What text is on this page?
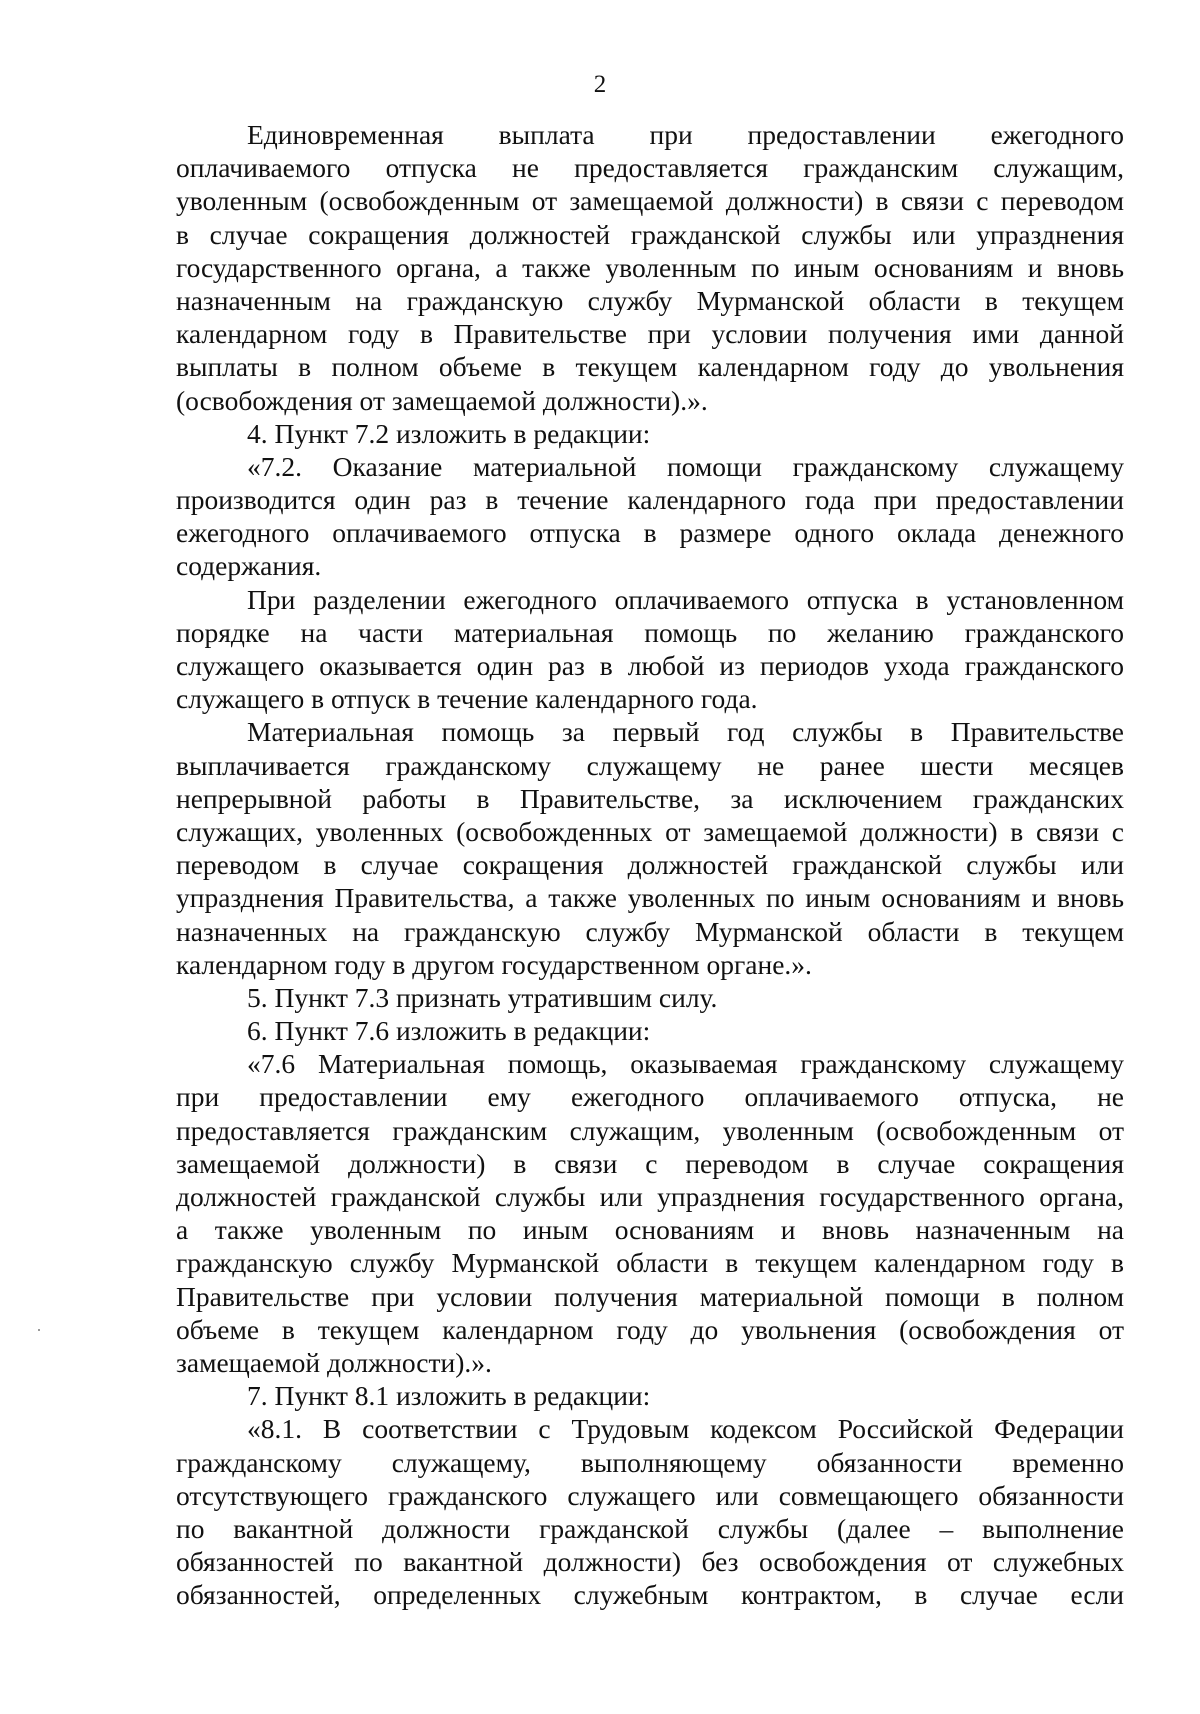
2
Единовременная выплата при предоставлении ежегодного
оплачиваемого отпуска не предоставляется гражданским служащим,
уволенным (освобожденным от замещаемой должности) в связи с переводом
в случае сокращения должностей гражданской службы или упразднения
государственного органа, а также уволенным по иным основаниям и вновь
назначенным на гражданскую службу Мурманской области в текущем
календарном году в Правительстве при условии получения ими данной
выплаты в полном объеме в текущем календарном году до увольнения
(освобождения от замещаемой должности).».
4. Пункт 7.2 изложить в редакции:
«7.2. Оказание материальной помощи гражданскому служащему
производится один раз в течение календарного года при предоставлении
ежегодного оплачиваемого отпуска в размере одного оклада денежного
содержания.
При разделении ежегодного оплачиваемого отпуска в установленном
порядке на части материальная помощь по желанию гражданского
служащего оказывается один раз в любой из периодов ухода гражданского
служащего в отпуск в течение календарного года.
Материальная помощь за первый год службы в Правительстве
выплачивается гражданскому служащему не ранее шести месяцев
непрерывной работы в Правительстве, за исключением гражданских
служащих, уволенных (освобожденных от замещаемой должности) в связи с
переводом в случае сокращения должностей гражданской службы или
упразднения Правительства, а также уволенных по иным основаниям и вновь
назначенных на гражданскую службу Мурманской области в текущем
календарном году в другом государственном органе.».
5. Пункт 7.3 признать утратившим силу.
6. Пункт 7.6 изложить в редакции:
«7.6 Материальная помощь, оказываемая гражданскому служащему
при предоставлении ему ежегодного оплачиваемого отпуска, не
предоставляется гражданским служащим, уволенным (освобожденным от
замещаемой должности) в связи с переводом в случае сокращения
должностей гражданской службы или упразднения государственного органа,
а также уволенным по иным основаниям и вновь назначенным на
гражданскую службу Мурманской области в текущем календарном году в
Правительстве при условии получения материальной помощи в полном
объеме в текущем календарном году до увольнения (освобождения от
замещаемой должности).».
7. Пункт 8.1 изложить в редакции:
«8.1. В соответствии с Трудовым кодексом Российской Федерации
гражданскому служащему, выполняющему обязанности временно
отсутствующего гражданского служащего или совмещающего обязанности
по вакантной должности гражданской службы (далее – выполнение
обязанностей по вакантной должности) без освобождения от служебных
обязанностей, определенных служебным контрактом, в случае если
